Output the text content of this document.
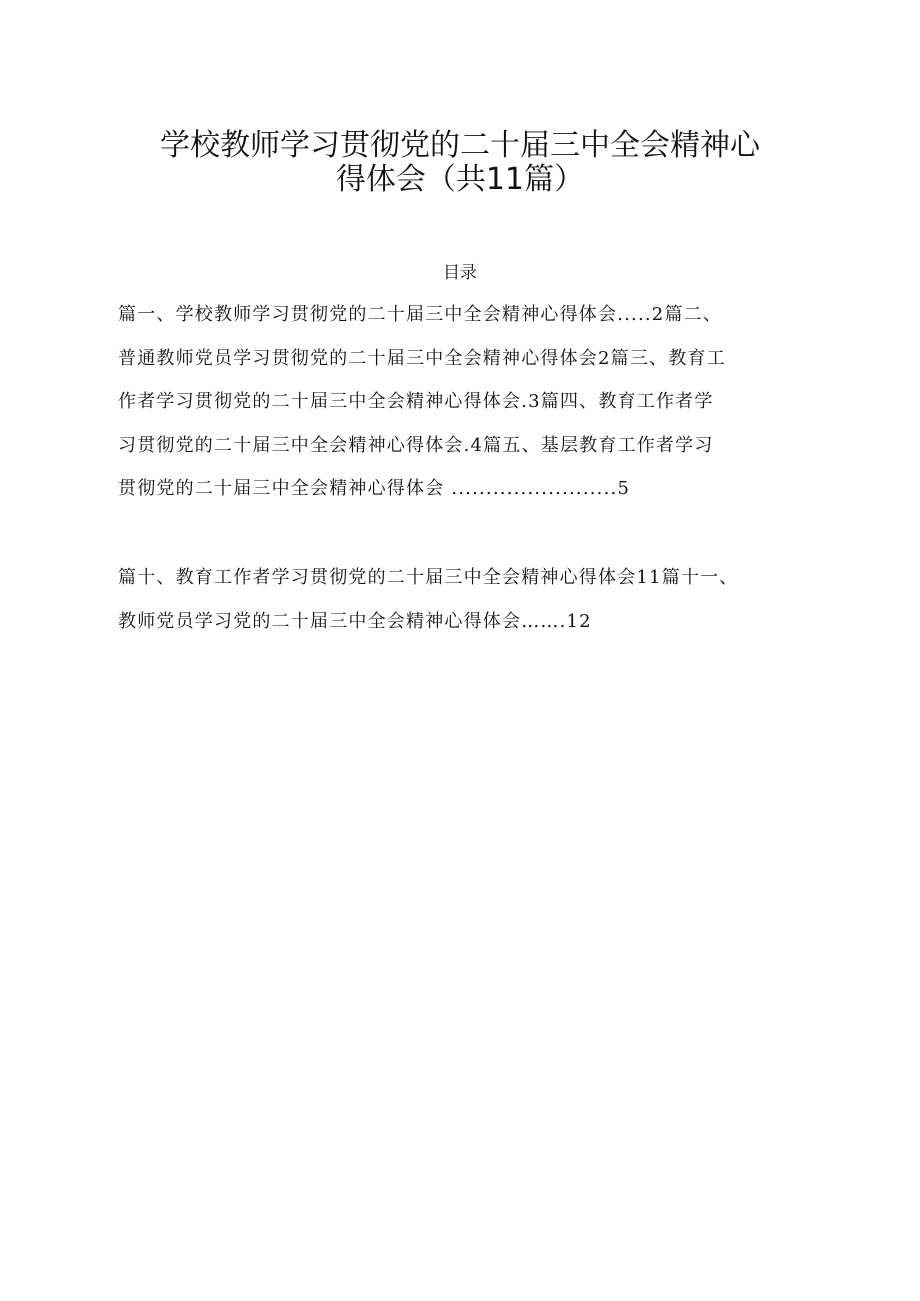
学校教师学习贯彻党的二十届三中全会精神心
得体会（共11篇）
目录
篇一、学校教师学习贯彻党的二十届三中全会精神心得体会.....2篇二、
普通教师党员学习贯彻党的二十届三中全会精神心得体会2篇三、教育工
作者学习贯彻党的二十届三中全会精神心得体会.3篇四、教育工作者学
习贯彻党的二十届三中全会精神心得体会.4篇五、基层教育工作者学习
贯彻党的二十届三中全会精神心得体会 ........................5
篇十、教育工作者学习贯彻党的二十届三中全会精神心得体会11篇十一、
教师党员学习党的二十届三中全会精神心得体会…….12
